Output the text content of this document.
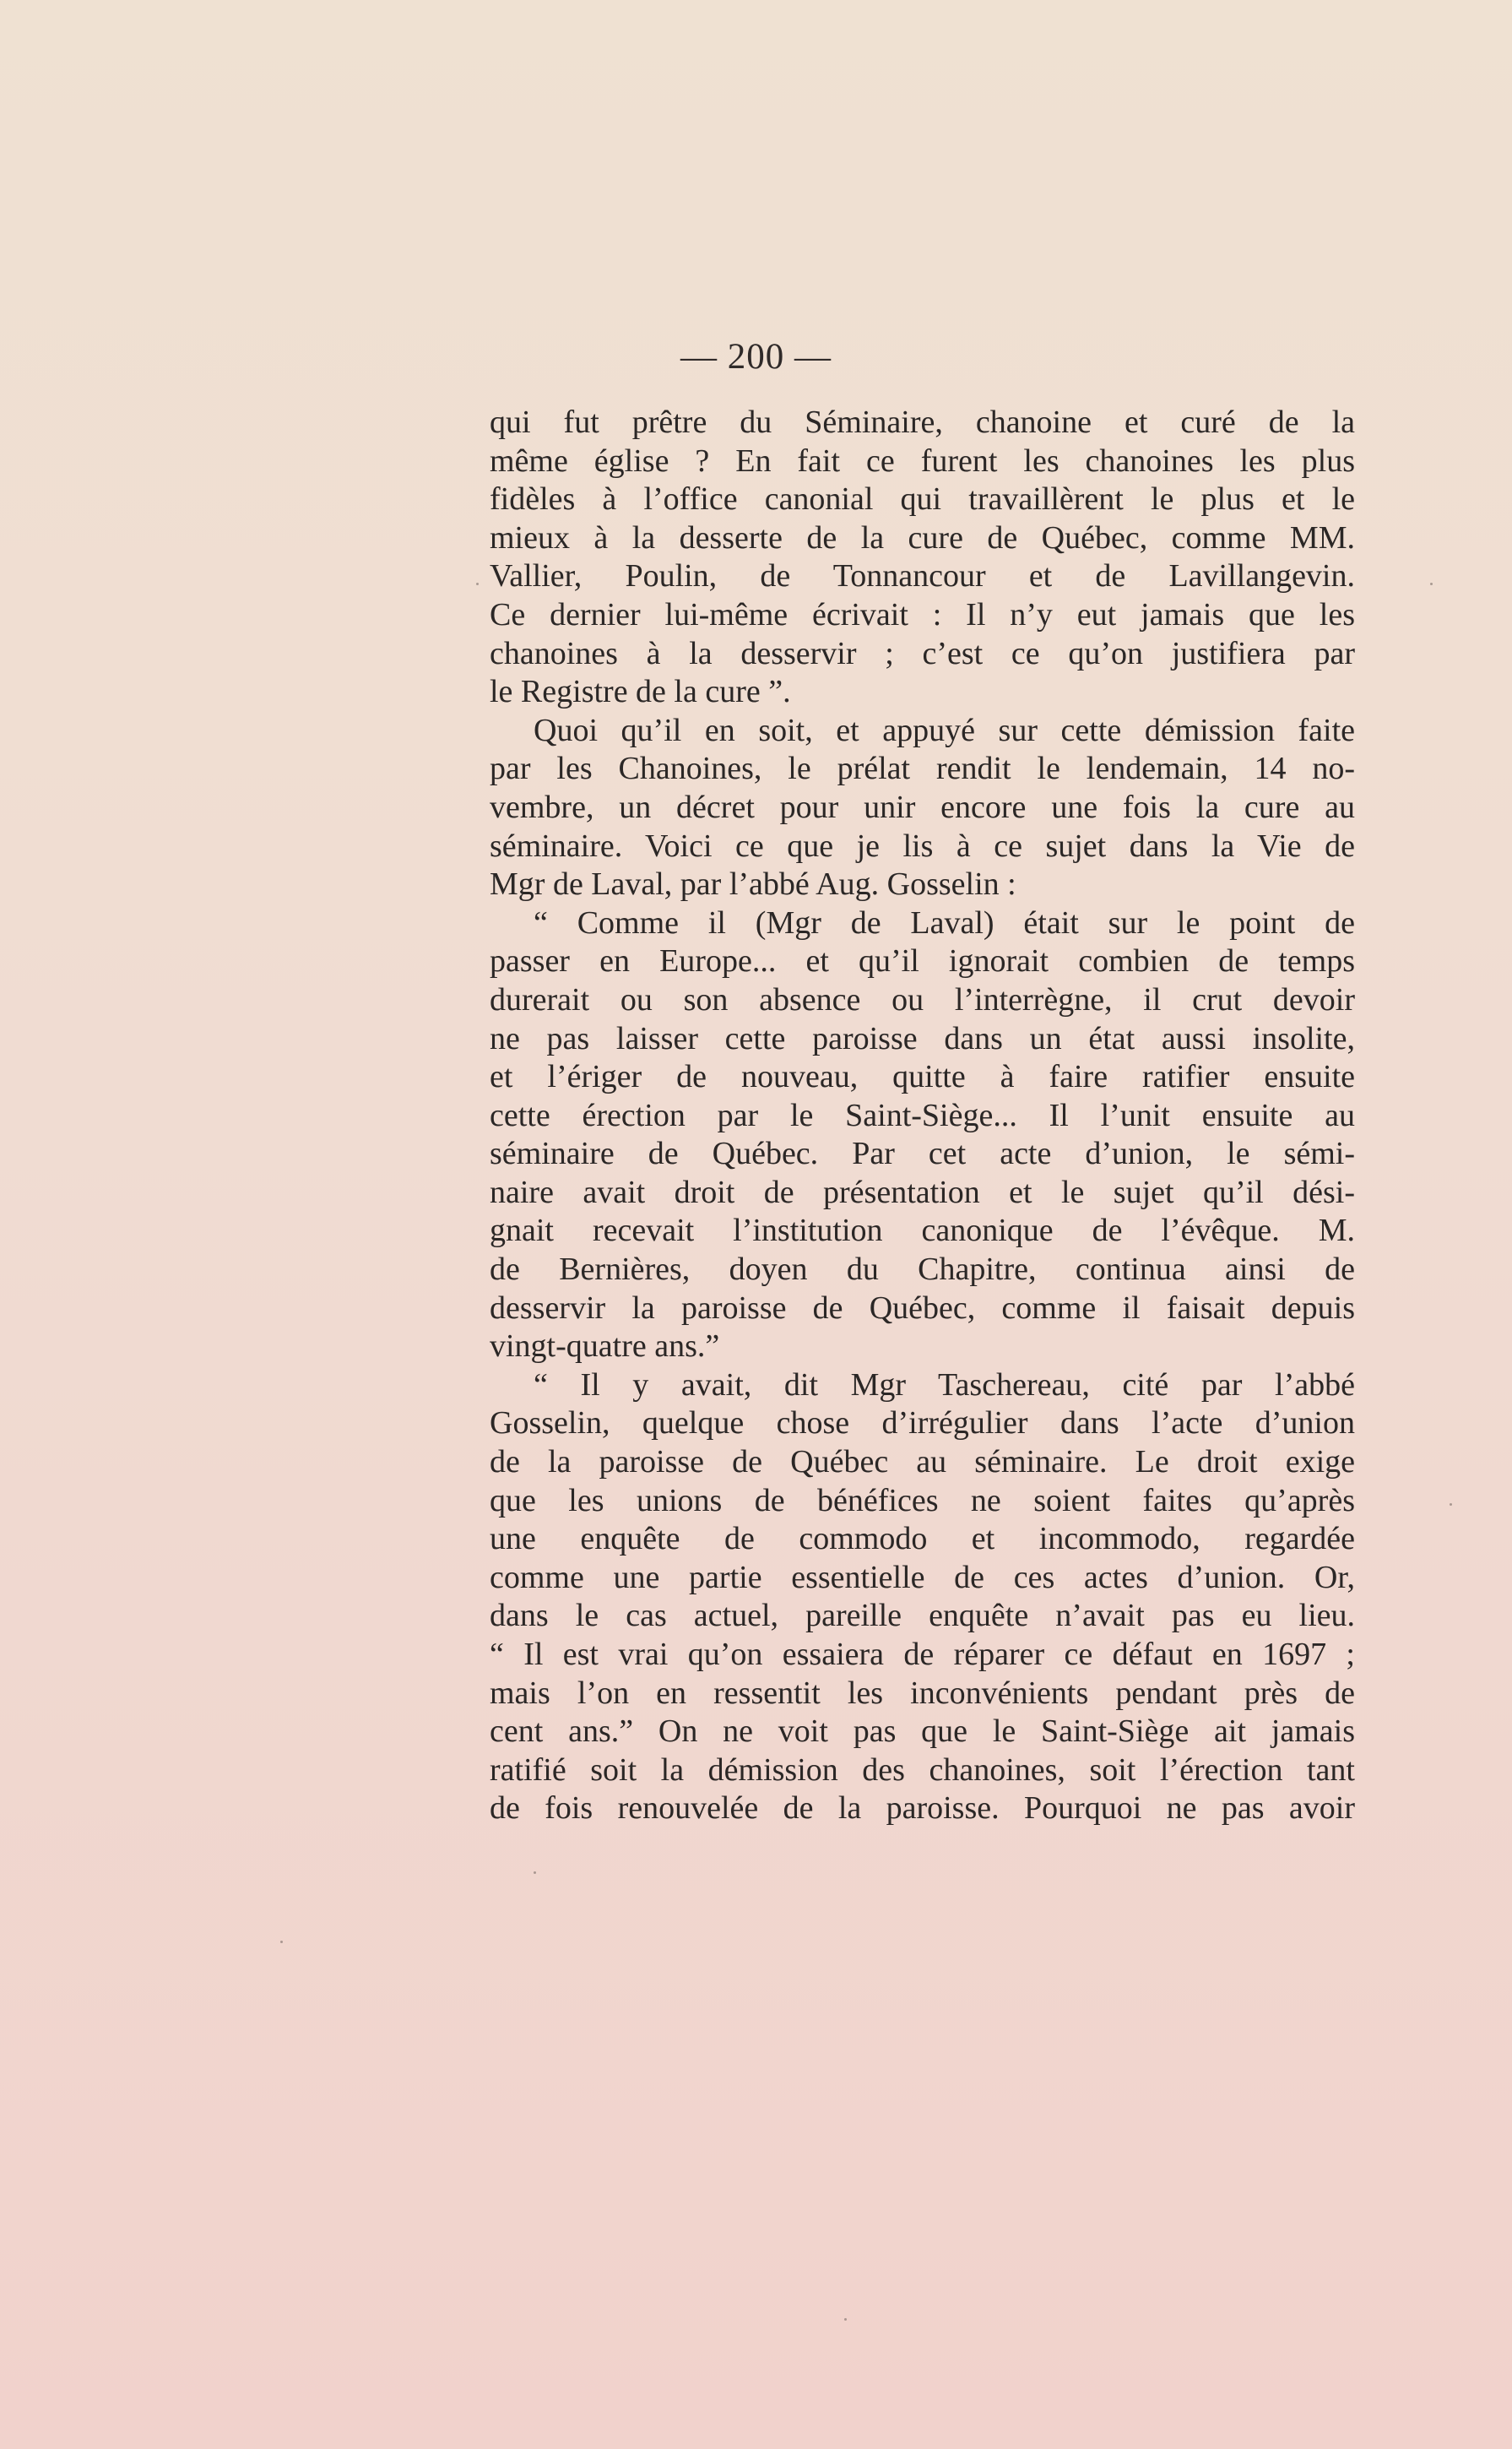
— 200 —
qui fut prêtre du Séminaire, chanoine et curé de la
même église ? En fait ce furent les chanoines les plus
fidèles à l’office canonial qui travaillèrent le plus et le
mieux à la desserte de la cure de Québec, comme MM.
Vallier, Poulin, de Tonnancour et de Lavillangevin.
Ce dernier lui-même écrivait : Il n’y eut jamais que les
chanoines à la desservir ; c’est ce qu’on justifiera par
le Registre de la cure ”.
Quoi qu’il en soit, et appuyé sur cette démission faite
par les Chanoines, le prélat rendit le lendemain, 14 no-
vembre, un décret pour unir encore une fois la cure au
séminaire. Voici ce que je lis à ce sujet dans la Vie de
Mgr de Laval, par l’abbé Aug. Gosselin :
“ Comme il (Mgr de Laval) était sur le point de
passer en Europe... et qu’il ignorait combien de temps
durerait ou son absence ou l’interrègne, il crut devoir
ne pas laisser cette paroisse dans un état aussi insolite,
et l’ériger de nouveau, quitte à faire ratifier ensuite
cette érection par le Saint-Siège... Il l’unit ensuite au
séminaire de Québec. Par cet acte d’union, le sémi-
naire avait droit de présentation et le sujet qu’il dési-
gnait recevait l’institution canonique de l’évêque. M.
de Bernières, doyen du Chapitre, continua ainsi de
desservir la paroisse de Québec, comme il faisait depuis
vingt-quatre ans.”
“ Il y avait, dit Mgr Taschereau, cité par l’abbé
Gosselin, quelque chose d’irrégulier dans l’acte d’union
de la paroisse de Québec au séminaire. Le droit exige
que les unions de bénéfices ne soient faites qu’après
une enquête de commodo et incommodo, regardée
comme une partie essentielle de ces actes d’union. Or,
dans le cas actuel, pareille enquête n’avait pas eu lieu.
“ Il est vrai qu’on essaiera de réparer ce défaut en 1697 ;
mais l’on en ressentit les inconvénients pendant près de
cent ans.” On ne voit pas que le Saint-Siège ait jamais
ratifié soit la démission des chanoines, soit l’érection tant
de fois renouvelée de la paroisse. Pourquoi ne pas avoir
